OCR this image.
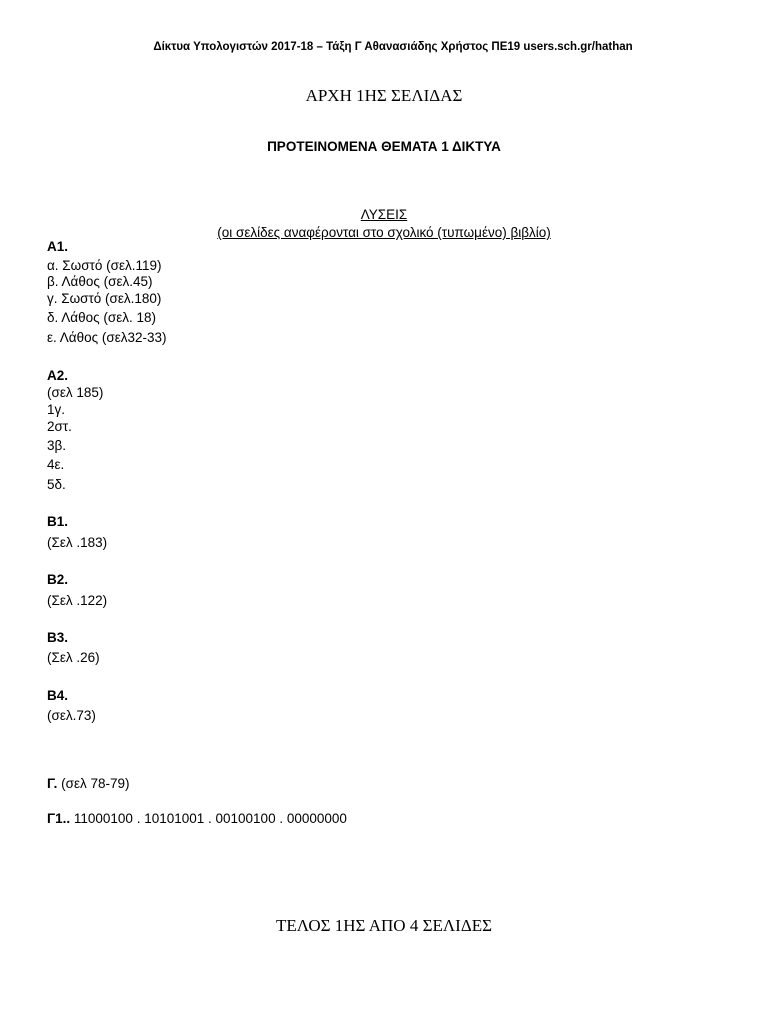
Δίκτυα Υπολογιστών 2017-18 – Τάξη Γ Αθανασιάδης Χρήστος ΠΕ19 users.sch.gr/hathan
ΑΡΧΗ 1ΗΣ ΣΕΛΙΔΑΣ
ΠΡΟΤΕΙΝΟΜΕΝΑ ΘΕΜΑΤΑ 1 ΔΙΚΤΥΑ
ΛΥΣΕΙΣ
(οι σελίδες αναφέρονται στο σχολικό (τυπωμένο) βιβλίο)
Α1.
α. Σωστό (σελ.119)
β. Λάθος (σελ.45)
γ. Σωστό (σελ.180)
δ. Λάθος (σελ. 18)
ε. Λάθος (σελ32-33)
Α2.
(σελ 185)
1γ.
2στ.
3β.
4ε.
5δ.
Β1.
(Σελ .183)
Β2.
(Σελ .122)
Β3.
(Σελ .26)
Β4.
(σελ.73)
Γ. (σελ 78-79)
Γ1.. 11000100 . 10101001 . 00100100 . 00000000
ΤΕΛΟΣ 1ΗΣ ΑΠΟ 4 ΣΕΛΙΔΕΣ
